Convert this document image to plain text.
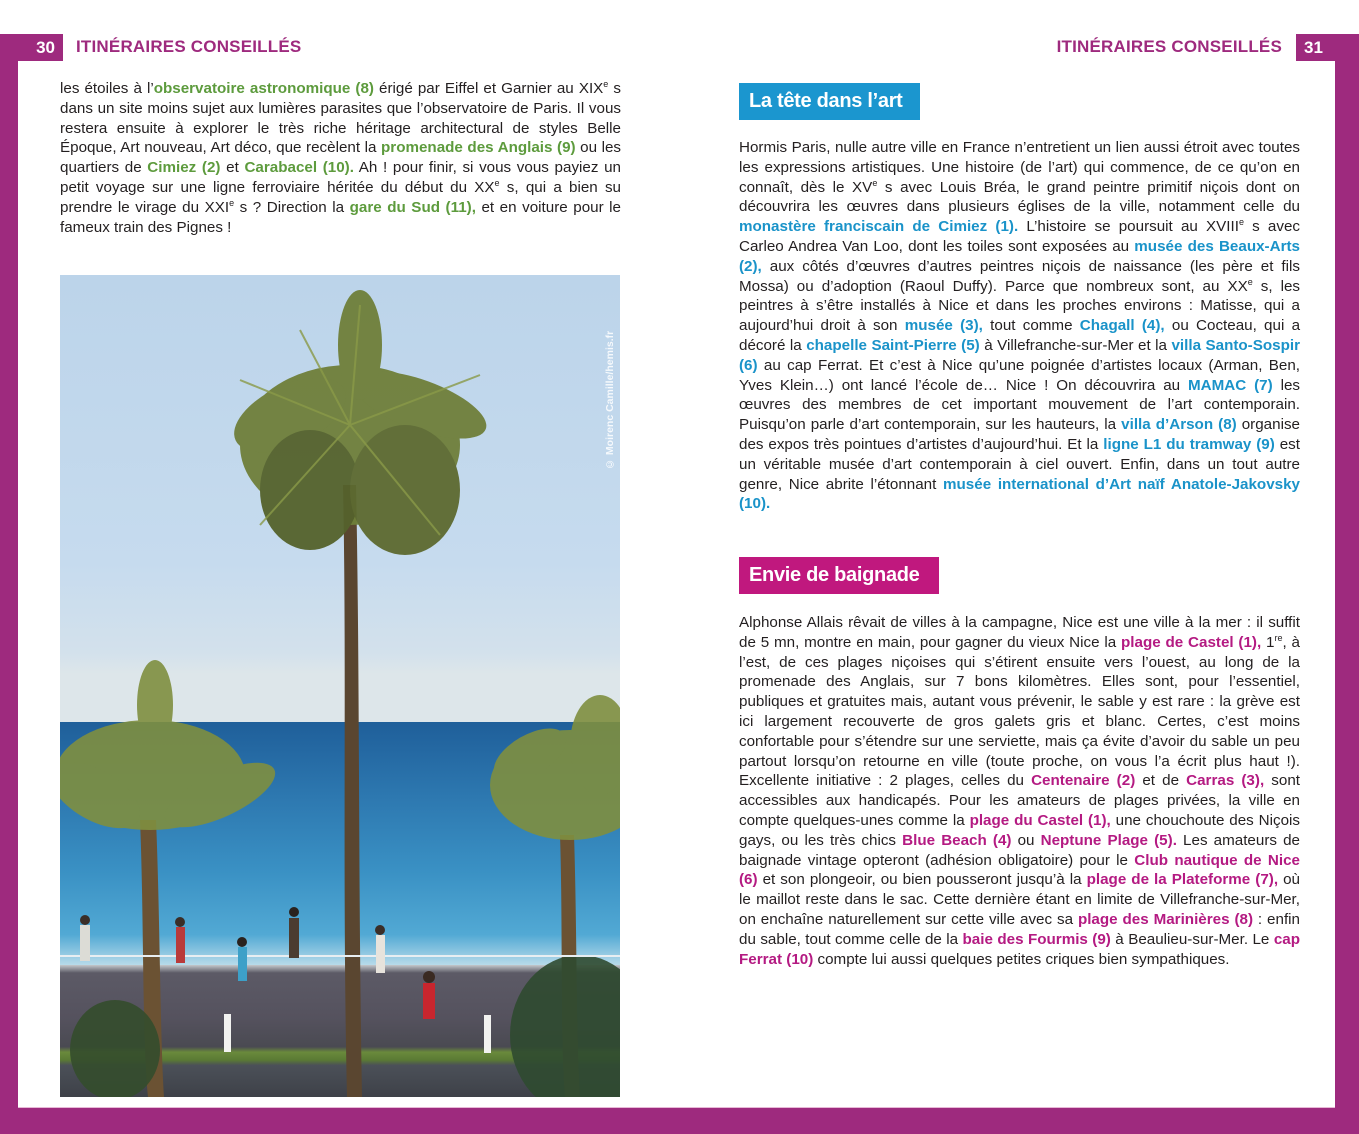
30	ITINÉRAIRES CONSEILLÉS	ITINÉRAIRES CONSEILLÉS	31

les étoiles à l’observatoire astronomique (8) érigé par Eiffel et Garnier au XIXe s dans un site moins sujet aux lumières parasites que l’observatoire de Paris. Il vous restera ensuite à explorer le très riche héritage architectural de styles Belle Époque, Art nouveau, Art déco, que recèlent la promenade des Anglais (9) ou les quartiers de Cimiez (2) et Carabacel (10). Ah ! pour finir, si vous vous payiez un petit voyage sur une ligne ferroviaire héritée du début du XXe s, qui a bien su prendre le virage du XXIe s ? Direction la gare du Sud (11), et en voiture pour le fameux train des Pignes !

© Moirenc Camille/hemis.fr
La tête dans l’art

Hormis Paris, nulle autre ville en France n’entretient un lien aussi étroit avec toutes les expressions artistiques. Une histoire (de l’art) qui commence, de ce qu’on en connaît, dès le XVe s avec Louis Bréa, le grand peintre primitif niçois dont on découvrira les œuvres dans plusieurs églises de la ville, notamment celle du monastère franciscain de Cimiez (1). L’histoire se poursuit au XVIIIe s avec Carleo Andrea Van Loo, dont les toiles sont exposées au musée des Beaux-Arts (2), aux côtés d’œuvres d’autres peintres niçois de naissance (les père et fils Mossa) ou d’adoption (Raoul Duffy). Parce que nombreux sont, au XXe s, les peintres à s’être installés à Nice et dans les proches environs : Matisse, qui a aujourd’hui droit à son musée (3), tout comme Chagall (4), ou Cocteau, qui a décoré la chapelle Saint-Pierre (5) à Villefranche-sur-Mer et la villa Santo-Sospir (6) au cap Ferrat. Et c’est à Nice qu’une poignée d’artistes locaux (Arman, Ben, Yves Klein…) ont lancé l’école de… Nice ! On découvrira au MAMAC (7) les œuvres des membres de cet important mouvement de l’art contemporain. Puisqu’on parle d’art contemporain, sur les hauteurs, la villa d’Arson (8) organise des expos très pointues d’artistes d’aujourd’hui. Et la ligne L1 du tramway (9) est un véritable musée d’art contemporain à ciel ouvert. Enfin, dans un tout autre genre, Nice abrite l’étonnant musée international d’Art naïf Anatole-Jakovsky (10).

Envie de baignade

Alphonse Allais rêvait de villes à la campagne, Nice est une ville à la mer : il suffit de 5 mn, montre en main, pour gagner du vieux Nice la plage de Castel (1), 1re, à l’est, de ces plages niçoises qui s’étirent ensuite vers l’ouest, au long de la promenade des Anglais, sur 7 bons kilomètres. Elles sont, pour l’essentiel, publiques et gratuites mais, autant vous prévenir, le sable y est rare : la grève est ici largement recouverte de gros galets gris et blanc. Certes, c’est moins confortable pour s’étendre sur une serviette, mais ça évite d’avoir du sable un peu partout lorsqu’on retourne en ville (toute proche, on vous l’a écrit plus haut !). Excellente initiative : 2 plages, celles du Centenaire (2) et de Carras (3), sont accessibles aux handicapés. Pour les amateurs de plages privées, la ville en compte quelques-unes comme la plage du Castel (1), une chouchoute des Niçois gays, ou les très chics Blue Beach (4) ou Neptune Plage (5). Les amateurs de baignade vintage opteront (adhésion obligatoire) pour le Club nautique de Nice (6) et son plongeoir, ou bien pousseront jusqu’à la plage de la Plateforme (7), où le maillot reste dans le sac. Cette dernière étant en limite de Villefranche-sur-Mer, on enchaîne naturellement sur cette ville avec sa plage des Marinières (8) : enfin du sable, tout comme celle de la baie des Fourmis (9) à Beaulieu-sur-Mer. Le cap Ferrat (10) compte lui aussi quelques petites criques bien sympathiques.
